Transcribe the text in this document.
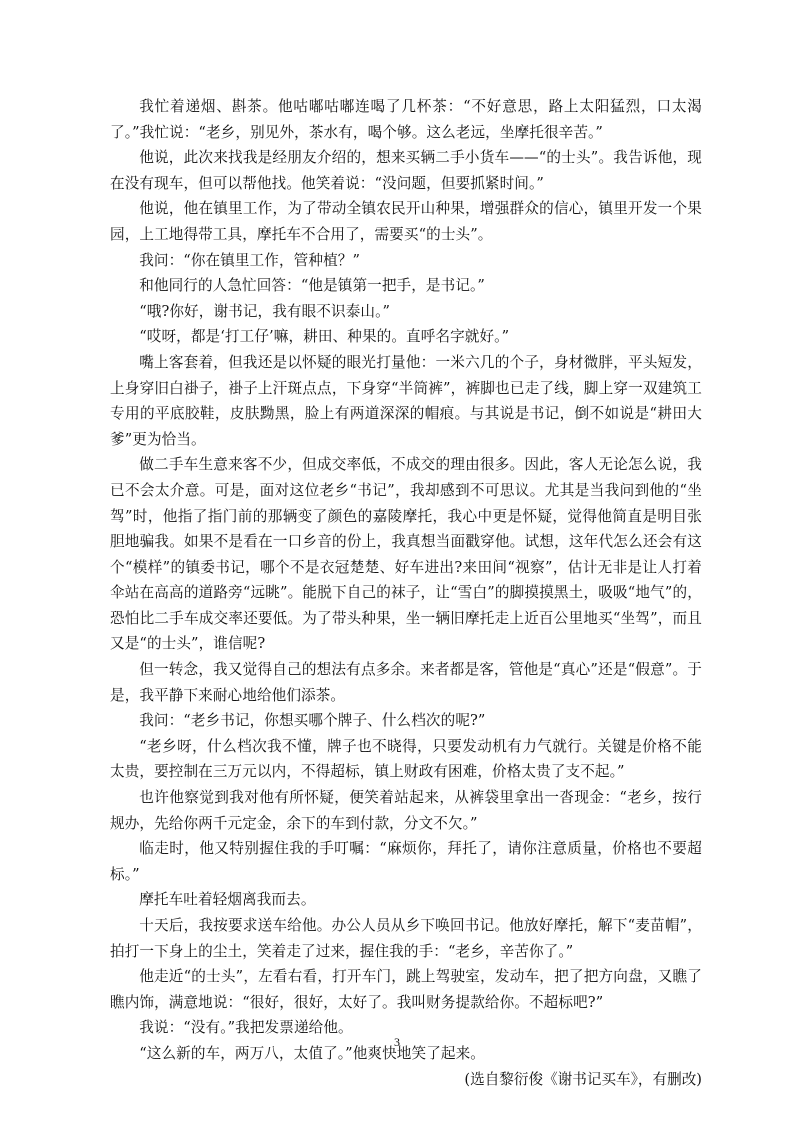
我忙着递烟、斟茶。他咕嘟咕嘟连喝了几杯茶：“不好意思，路上太阳猛烈，口太渴了。”我忙说：“老乡，别见外，茶水有，喝个够。这么老远，坐摩托很辛苦。”

他说，此次来找我是经朋友介绍的，想来买辆二手小货车——“的士头”。我告诉他，现在没有现车，但可以帮他找。他笑着说：“没问题，但要抓紧时间。”

他说，他在镇里工作，为了带动全镇农民开山种果，增强群众的信心，镇里开发一个果园，上工地得带工具，摩托车不合用了，需要买“的士头”。

我问：“你在镇里工作，管种植？”

和他同行的人急忙回答：“他是镇第一把手，是书记。”

“哦?你好，谢书记，我有眼不识泰山。”

“哎呀，都是‘打工仔’嘛，耕田、种果的。直呼名字就好。”

嘴上客套着，但我还是以怀疑的眼光打量他：一米六几的个子，身材微胖，平头短发，上身穿旧白褂子，褂子上汗斑点点，下身穿“半筒裤”，裤脚也已走了线，脚上穿一双建筑工专用的平底胶鞋，皮肤黝黑，脸上有两道深深的帽痕。与其说是书记，倒不如说是“耕田大爹”更为恰当。

做二手车生意来客不少，但成交率低，不成交的理由很多。因此，客人无论怎么说，我已不会太介意。可是，面对这位老乡“书记”，我却感到不可思议。尤其是当我问到他的“坐驾”时，他指了指门前的那辆变了颜色的嘉陵摩托，我心中更是怀疑，觉得他简直是明目张胆地骗我。如果不是看在一口乡音的份上，我真想当面戳穿他。试想，这年代怎么还会有这个“模样”的镇委书记，哪个不是衣冠楚楚、好车进出?来田间“视察”，估计无非是让人打着伞站在高高的道路旁“远眺”。能脱下自己的袜子，让“雪白”的脚摸摸黑土，吸吸“地气”的，恐怕比二手车成交率还要低。为了带头种果，坐一辆旧摩托走上近百公里地买“坐驾”，而且又是“的士头”，谁信呢?

但一转念，我又觉得自己的想法有点多余。来者都是客，管他是“真心”还是“假意”。于是，我平静下来耐心地给他们添茶。

我问：“老乡书记，你想买哪个牌子、什么档次的呢?”

“老乡呀，什么档次我不懂，牌子也不晓得，只要发动机有力气就行。关键是价格不能太贵，要控制在三万元以内，不得超标，镇上财政有困难，价格太贵了支不起。”

也许他察觉到我对他有所怀疑，便笑着站起来，从裤袋里拿出一沓现金：“老乡，按行规办，先给你两千元定金，余下的车到付款，分文不欠。”

临走时，他又特别握住我的手叮嘱：“麻烦你，拜托了，请你注意质量，价格也不要超标。”

摩托车吐着轻烟离我而去。

十天后，我按要求送车给他。办公人员从乡下唤回书记。他放好摩托，解下“麦苗帽”，拍打一下身上的尘土，笑着走了过来，握住我的手：“老乡，辛苦你了。”

他走近“的士头”，左看右看，打开车门，跳上驾驶室，发动车，把了把方向盘，又瞧了瞧内饰，满意地说：“很好，很好，太好了。我叫财务提款给你。不超标吧?”

我说：“没有。”我把发票递给他。

“这么新的车，两万八，太值了。”他爽快地笑了起来。

(选自黎衍俊《谢书记买车》，有删改)

3
